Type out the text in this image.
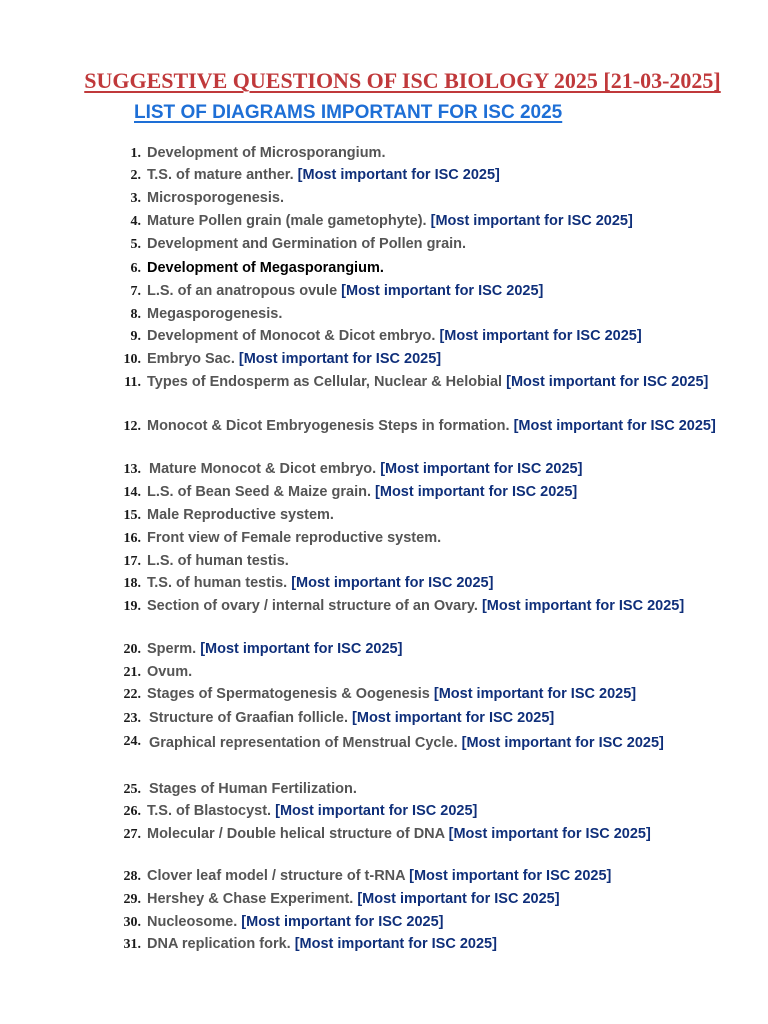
SUGGESTIVE QUESTIONS OF ISC BIOLOGY 2025 [21-03-2025]
LIST OF DIAGRAMS IMPORTANT FOR ISC 2025
1. Development of Microsporangium.
2. T.S. of mature anther. [Most important for ISC 2025]
3. Microsporogenesis.
4. Mature Pollen grain (male gametophyte). [Most important for ISC 2025]
5. Development and Germination of Pollen grain.
6. Development of Megasporangium.
7. L.S. of an anatropous ovule [Most important for ISC 2025]
8. Megasporogenesis.
9. Development of Monocot & Dicot embryo. [Most important for ISC 2025]
10. Embryo Sac. [Most important for ISC 2025]
11. Types of Endosperm as Cellular, Nuclear & Helobial [Most important for ISC 2025]
12. Monocot & Dicot Embryogenesis Steps in formation. [Most important for ISC 2025]
13. Mature Monocot & Dicot embryo. [Most important for ISC 2025]
14. L.S. of Bean Seed & Maize grain. [Most important for ISC 2025]
15. Male Reproductive system.
16. Front view of Female reproductive system.
17. L.S. of human testis.
18. T.S. of human testis. [Most important for ISC 2025]
19. Section of ovary / internal structure of an Ovary. [Most important for ISC 2025]
20. Sperm. [Most important for ISC 2025]
21. Ovum.
22. Stages of Spermatogenesis & Oogenesis [Most important for ISC 2025]
23. Structure of Graafian follicle. [Most important for ISC 2025]
24. Graphical representation of Menstrual Cycle. [Most important for ISC 2025]
25. Stages of Human Fertilization.
26. T.S. of Blastocyst. [Most important for ISC 2025]
27. Molecular / Double helical structure of DNA [Most important for ISC 2025]
28. Clover leaf model / structure of t-RNA [Most important for ISC 2025]
29. Hershey & Chase Experiment. [Most important for ISC 2025]
30. Nucleosome. [Most important for ISC 2025]
31. DNA replication fork. [Most important for ISC 2025]
